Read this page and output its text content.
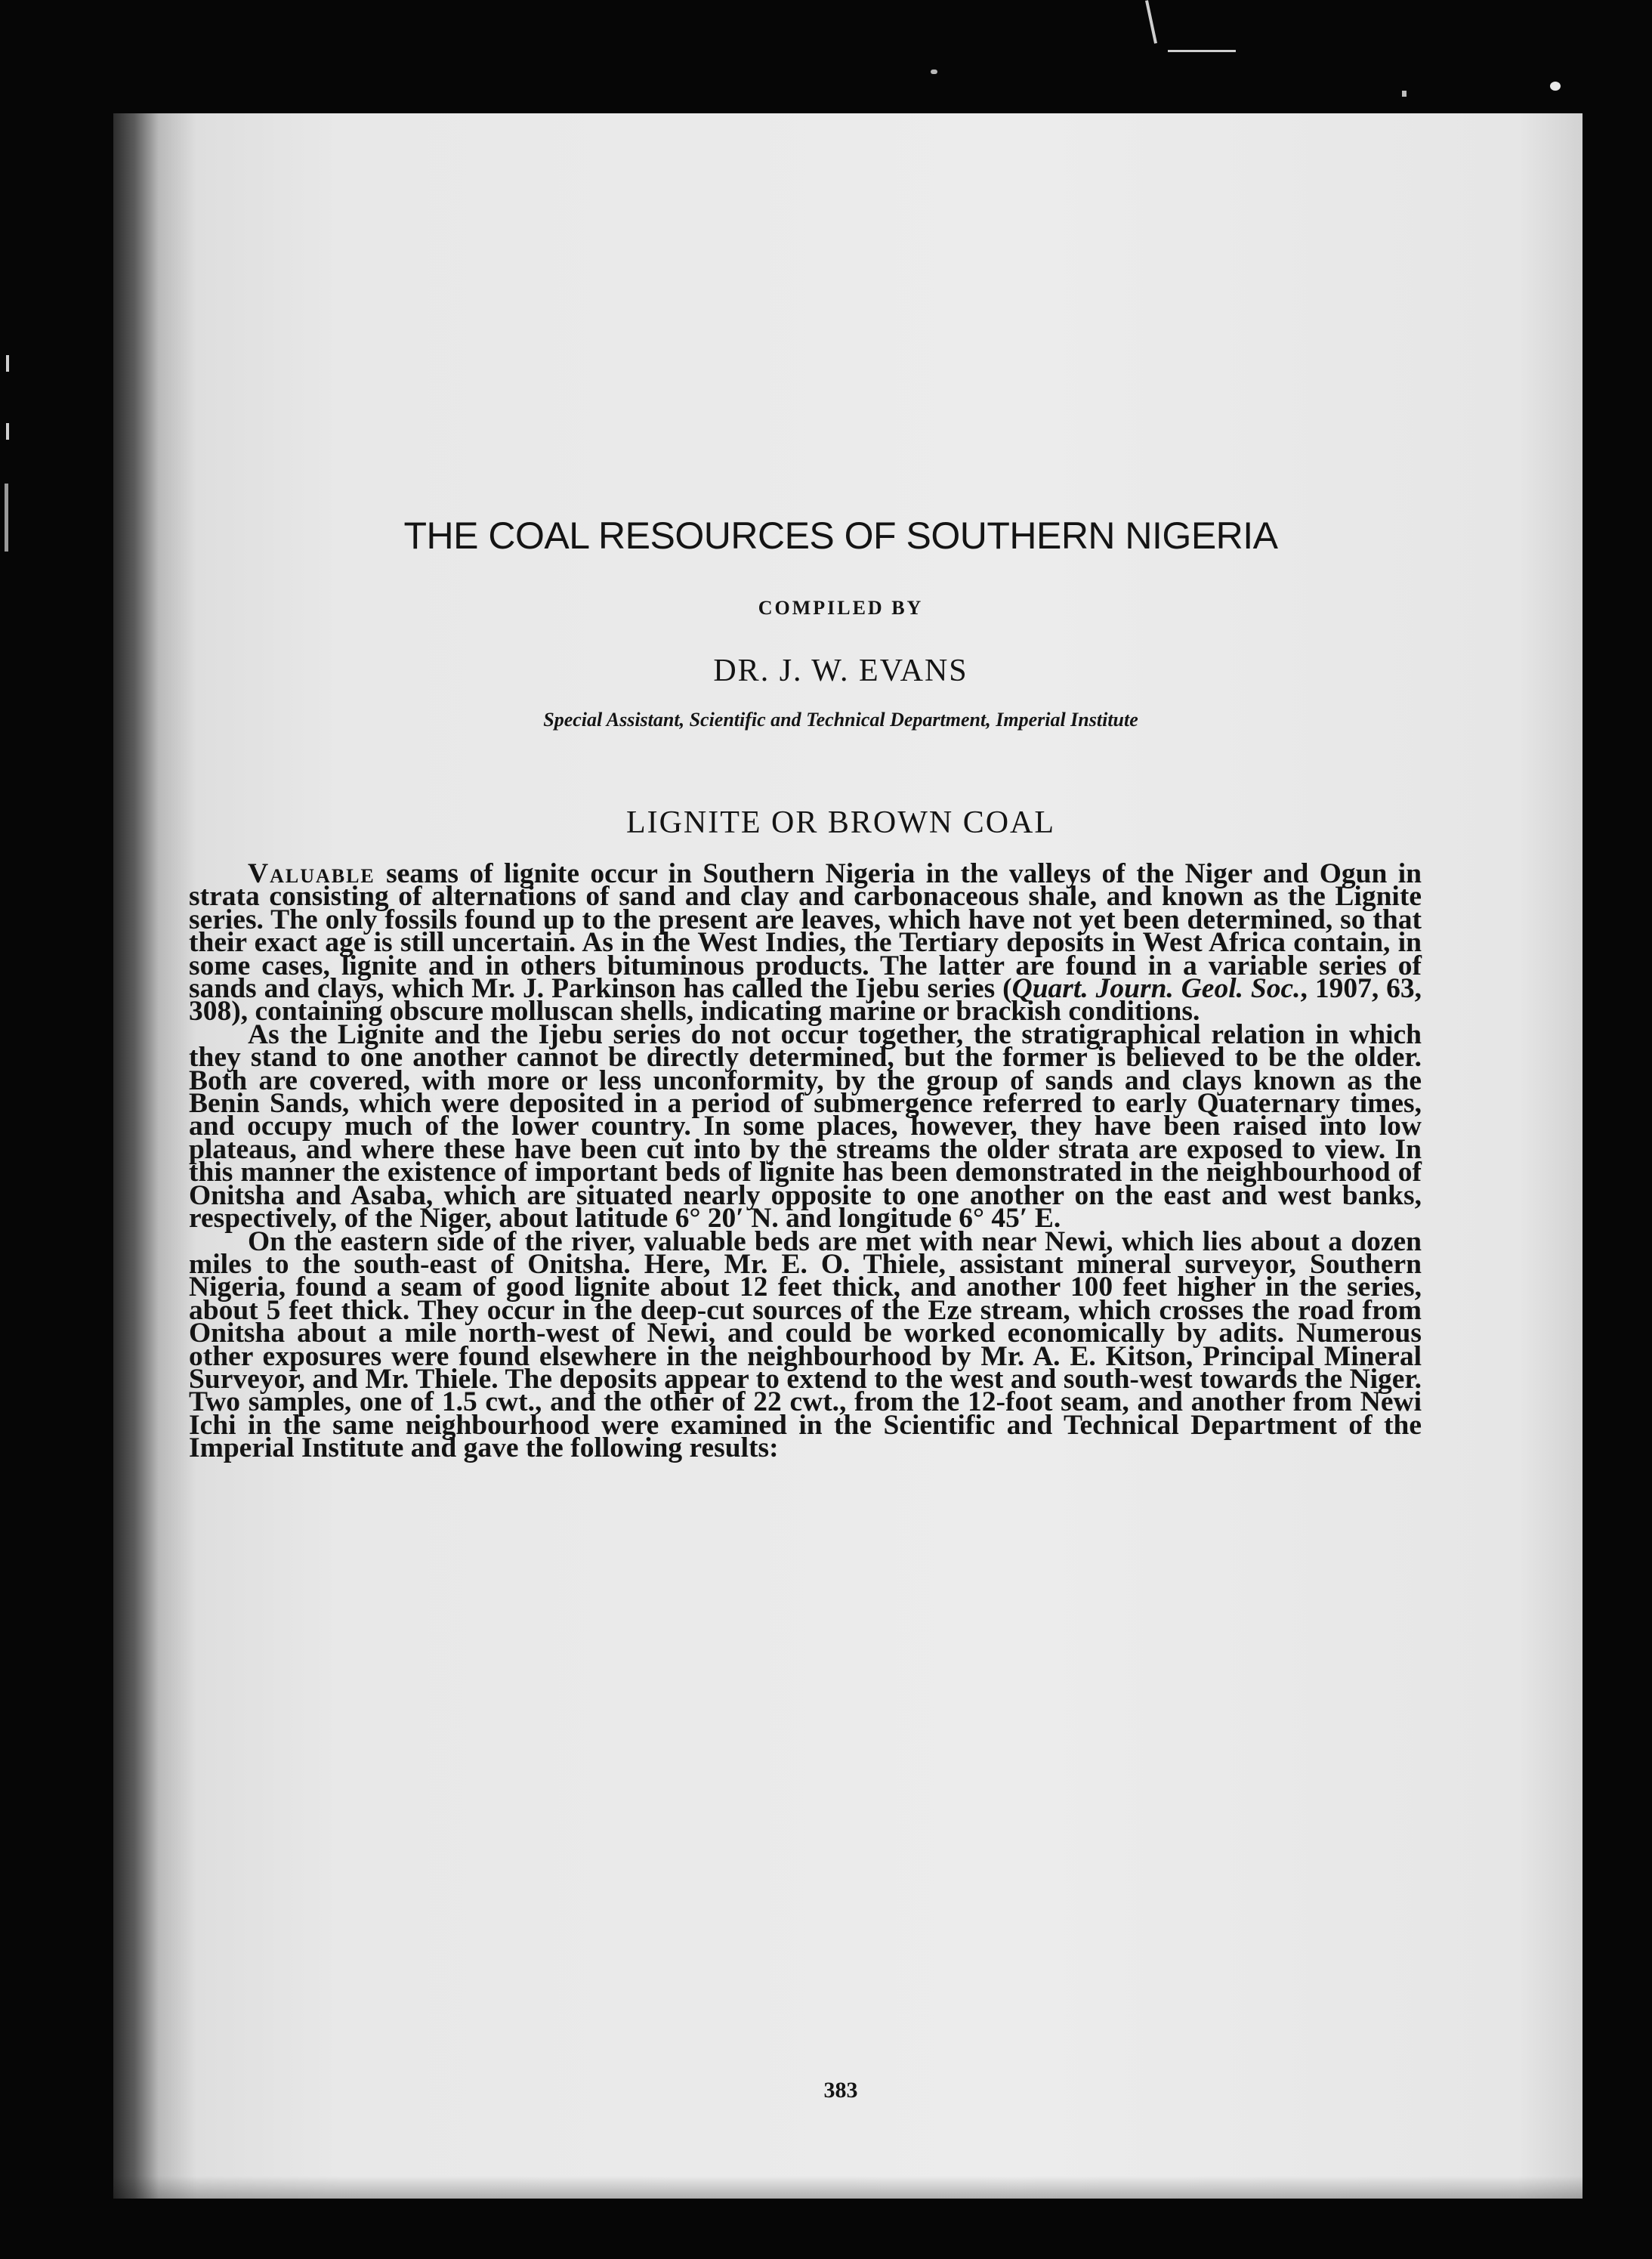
THE COAL RESOURCES OF SOUTHERN NIGERIA
COMPILED BY
DR. J. W. EVANS
Special Assistant, Scientific and Technical Department, Imperial Institute
LIGNITE OR BROWN COAL

Valuable seams of lignite occur in Southern Nigeria in the valleys of the Niger and Ogun in strata consisting of alternations of sand and clay and carbonaceous shale, and known as the Lignite series. The only fossils found up to the present are leaves, which have not yet been determined, so that their exact age is still uncertain. As in the West Indies, the Tertiary deposits in West Africa contain, in some cases, lignite and in others bituminous products. The latter are found in a variable series of sands and clays, which Mr. J. Parkinson has called the Ijebu series (Quart. Journ. Geol. Soc., 1907, 63, 308), containing obscure molluscan shells, indicating marine or brackish conditions.

As the Lignite and the Ijebu series do not occur together, the stratigraphical relation in which they stand to one another cannot be directly determined, but the former is believed to be the older. Both are covered, with more or less unconformity, by the group of sands and clays known as the Benin Sands, which were deposited in a period of submergence referred to early Quaternary times, and occupy much of the lower country. In some places, however, they have been raised into low plateaus, and where these have been cut into by the streams the older strata are exposed to view. In this manner the existence of important beds of lignite has been demonstrated in the neighbourhood of Onitsha and Asaba, which are situated nearly opposite to one another on the east and west banks, respectively, of the Niger, about latitude 6° 20′ N. and longitude 6° 45′ E.

On the eastern side of the river, valuable beds are met with near Newi, which lies about a dozen miles to the south-east of Onitsha. Here, Mr. E. O. Thiele, assistant mineral surveyor, Southern Nigeria, found a seam of good lignite about 12 feet thick, and another 100 feet higher in the series, about 5 feet thick. They occur in the deep-cut sources of the Eze stream, which crosses the road from Onitsha about a mile north-west of Newi, and could be worked economically by adits. Numerous other exposures were found elsewhere in the neighbourhood by Mr. A. E. Kitson, Principal Mineral Surveyor, and Mr. Thiele. The deposits appear to extend to the west and south-west towards the Niger. Two samples, one of 1.5 cwt., and the other of 22 cwt., from the 12-foot seam, and another from Newi Ichi in the same neighbourhood were examined in the Scientific and Technical Department of the Imperial Institute and gave the following results:

383
